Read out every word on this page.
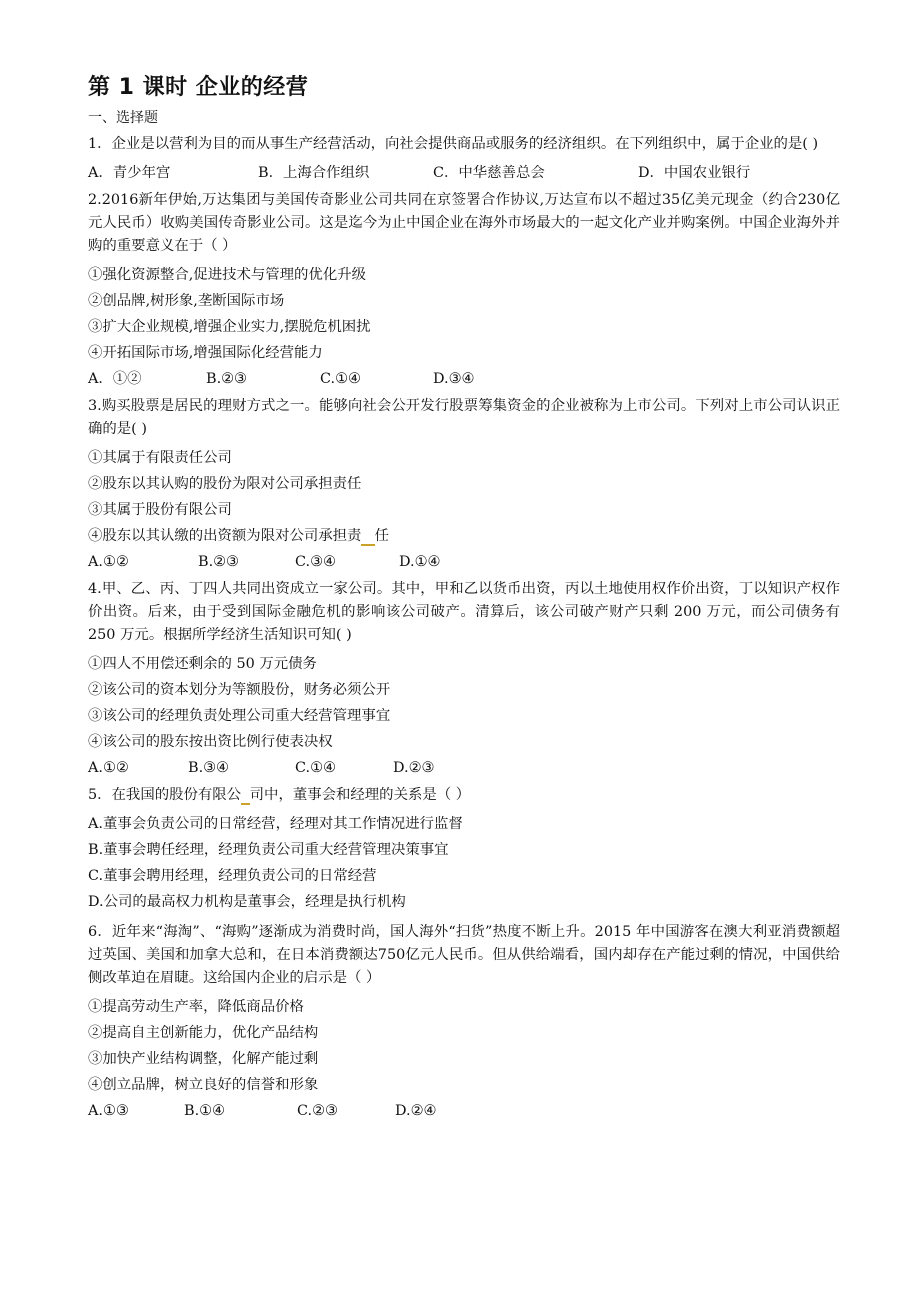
第 1 课时 企业的经营
一、选择题

1．企业是以营利为目的而从事生产经营活动，向社会提供商品或服务的经济组织。在下列组织中，属于企业的是( )

A．青少年宫	B．上海合作组织	C．中华慈善总会	D．中国农业银行

2.2016新年伊始,万达集团与美国传奇影业公司共同在京签署合作协议,万达宣布以不超过35亿美元现金（约合230亿元人民币）收购美国传奇影业公司。这是迄今为止中国企业在海外市场最大的一起文化产业并购案例。中国企业海外并购的重要意义在于（ ）

①强化资源整合,促进技术与管理的优化升级

②创品牌,树形象,垄断国际市场

③扩大企业规模,增强企业实力,摆脱危机困扰

④开拓国际市场,增强国际化经营能力

A．①②	B.②③	C.①④	D.③④

3.购买股票是居民的理财方式之一。能够向社会公开发行股票筹集资金的企业被称为上市公司。下列对上市公司认识正确的是( )

①其属于有限责任公司

②股东以其认购的股份为限对公司承担责任

③其属于股份有限公司

④股东以其认缴的出资额为限对公司承担责 任

A.①②	B.②③	C.③④	D.①④

4.甲、乙、丙、丁四人共同出资成立一家公司。其中，甲和乙以货币出资，丙以土地使用权作价出资，丁以知识产权作价出资。后来，由于受到国际金融危机的影响该公司破产。清算后，该公司破产财产只剩 200 万元，而公司债务有 250 万元。根据所学经济生活知识可知( )

①四人不用偿还剩余的 50 万元债务

②该公司的资本划分为等额股份，财务必须公开

③该公司的经理负责处理公司重大经营管理事宜

④该公司的股东按出资比例行使表决权

A.①②	B.③④	C.①④	D.②③

5．在我国的股份有限公 司中，董事会和经理的关系是（ ）

A.董事会负责公司的日常经营，经理对其工作情况进行监督

B.董事会聘任经理，经理负责公司重大经营管理决策事宜

C.董事会聘用经理，经理负责公司的日常经营

D.公司的最高权力机构是董事会，经理是执行机构

6．近年来“海淘”、“海购”逐渐成为消费时尚，国人海外“扫货”热度不断上升。2015 年中国游客在澳大利亚消费额超过英国、美国和加拿大总和，在日本消费额达750亿元人民币。但从供给端看，国内却存在产能过剩的情况，中国供给侧改革迫在眉睫。这给国内企业的启示是（ ）

①提高劳动生产率，降低商品价格

②提高自主创新能力，优化产品结构

③加快产业结构调整，化解产能过剩

④创立品牌，树立良好的信誉和形象

A.①③	B.①④	C.②③	D.②④
